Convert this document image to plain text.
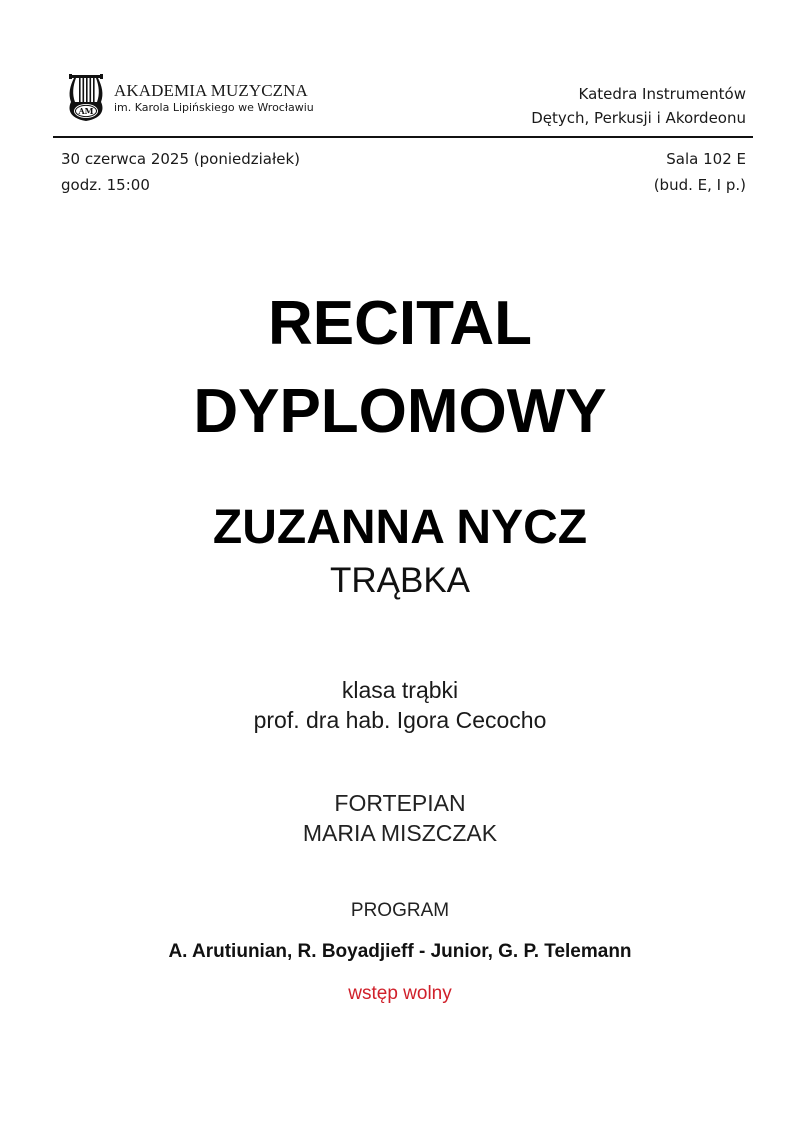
AM
AKADEMIA MUZYCZNA
im. Karola Lipińskiego we Wrocławiu
Katedra Instrumentów
Dętych, Perkusji i Akordeonu
30 czerwca 2025 (poniedziałek)
godz. 15:00
Sala 102 E
(bud. E, I p.)
RECITAL
DYPLOMOWY
ZUZANNA NYCZ
TRĄBKA
klasa trąbki
prof. dra hab. Igora Cecocho
FORTEPIAN
MARIA MISZCZAK
PROGRAM
A. Arutiunian, R. Boyadjieff - Junior, G. P. Telemann
wstęp wolny
